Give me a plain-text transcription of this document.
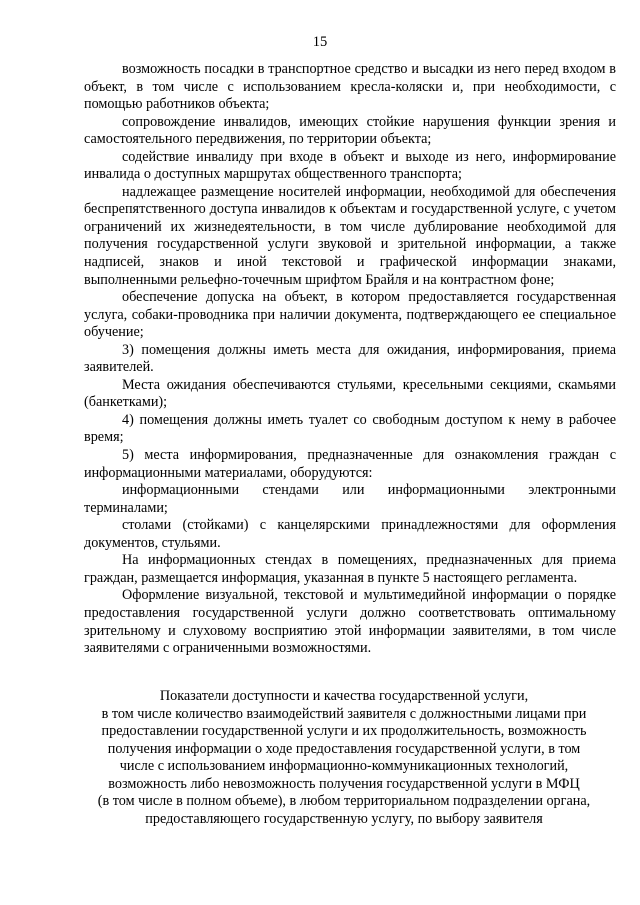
15

возможность посадки в транспортное средство и высадки из него перед входом в объект, в том числе с использованием кресла-коляски и, при необходимости, с помощью работников объекта;

сопровождение инвалидов, имеющих стойкие нарушения функции зрения и самостоятельного передвижения, по территории объекта;

содействие инвалиду при входе в объект и выходе из него, информирование инвалида о доступных маршрутах общественного транспорта;

надлежащее размещение носителей информации, необходимой для обеспечения беспрепятственного доступа инвалидов к объектам и государственной услуге, с учетом ограничений их жизнедеятельности, в том числе дублирование необходимой для получения государственной услуги звуковой и зрительной информации, а также надписей, знаков и иной текстовой и графической информации знаками, выполненными рельефно-точечным шрифтом Брайля и на контрастном фоне;

обеспечение допуска на объект, в котором предоставляется государственная услуга, собаки-проводника при наличии документа, подтверждающего ее специальное обучение;

3) помещения должны иметь места для ожидания, информирования, приема заявителей.

Места ожидания обеспечиваются стульями, кресельными секциями, скамьями (банкетками);

4) помещения должны иметь туалет со свободным доступом к нему в рабочее время;

5) места информирования, предназначенные для ознакомления граждан с информационными материалами, оборудуются:

информационными стендами или информационными электронными терминалами;

столами (стойками) с канцелярскими принадлежностями для оформления документов, стульями.

На информационных стендах в помещениях, предназначенных для приема граждан, размещается информация, указанная в пункте 5 настоящего регламента.

Оформление визуальной, текстовой и мультимедийной информации о порядке предоставления государственной услуги должно соответствовать оптимальному зрительному и слуховому восприятию этой информации заявителями, в том числе заявителями с ограниченными возможностями.

Показатели доступности и качества государственной услуги,

в том числе количество взаимодействий заявителя с должностными лицами при

предоставлении государственной услуги и их продолжительность, возможность

получения информации о ходе предоставления государственной услуги, в том

числе с использованием информационно-коммуникационных технологий,

возможность либо невозможность получения государственной услуги в МФЦ

(в том числе в полном объеме), в любом территориальном подразделении органа,

предоставляющего государственную услугу, по выбору заявителя
